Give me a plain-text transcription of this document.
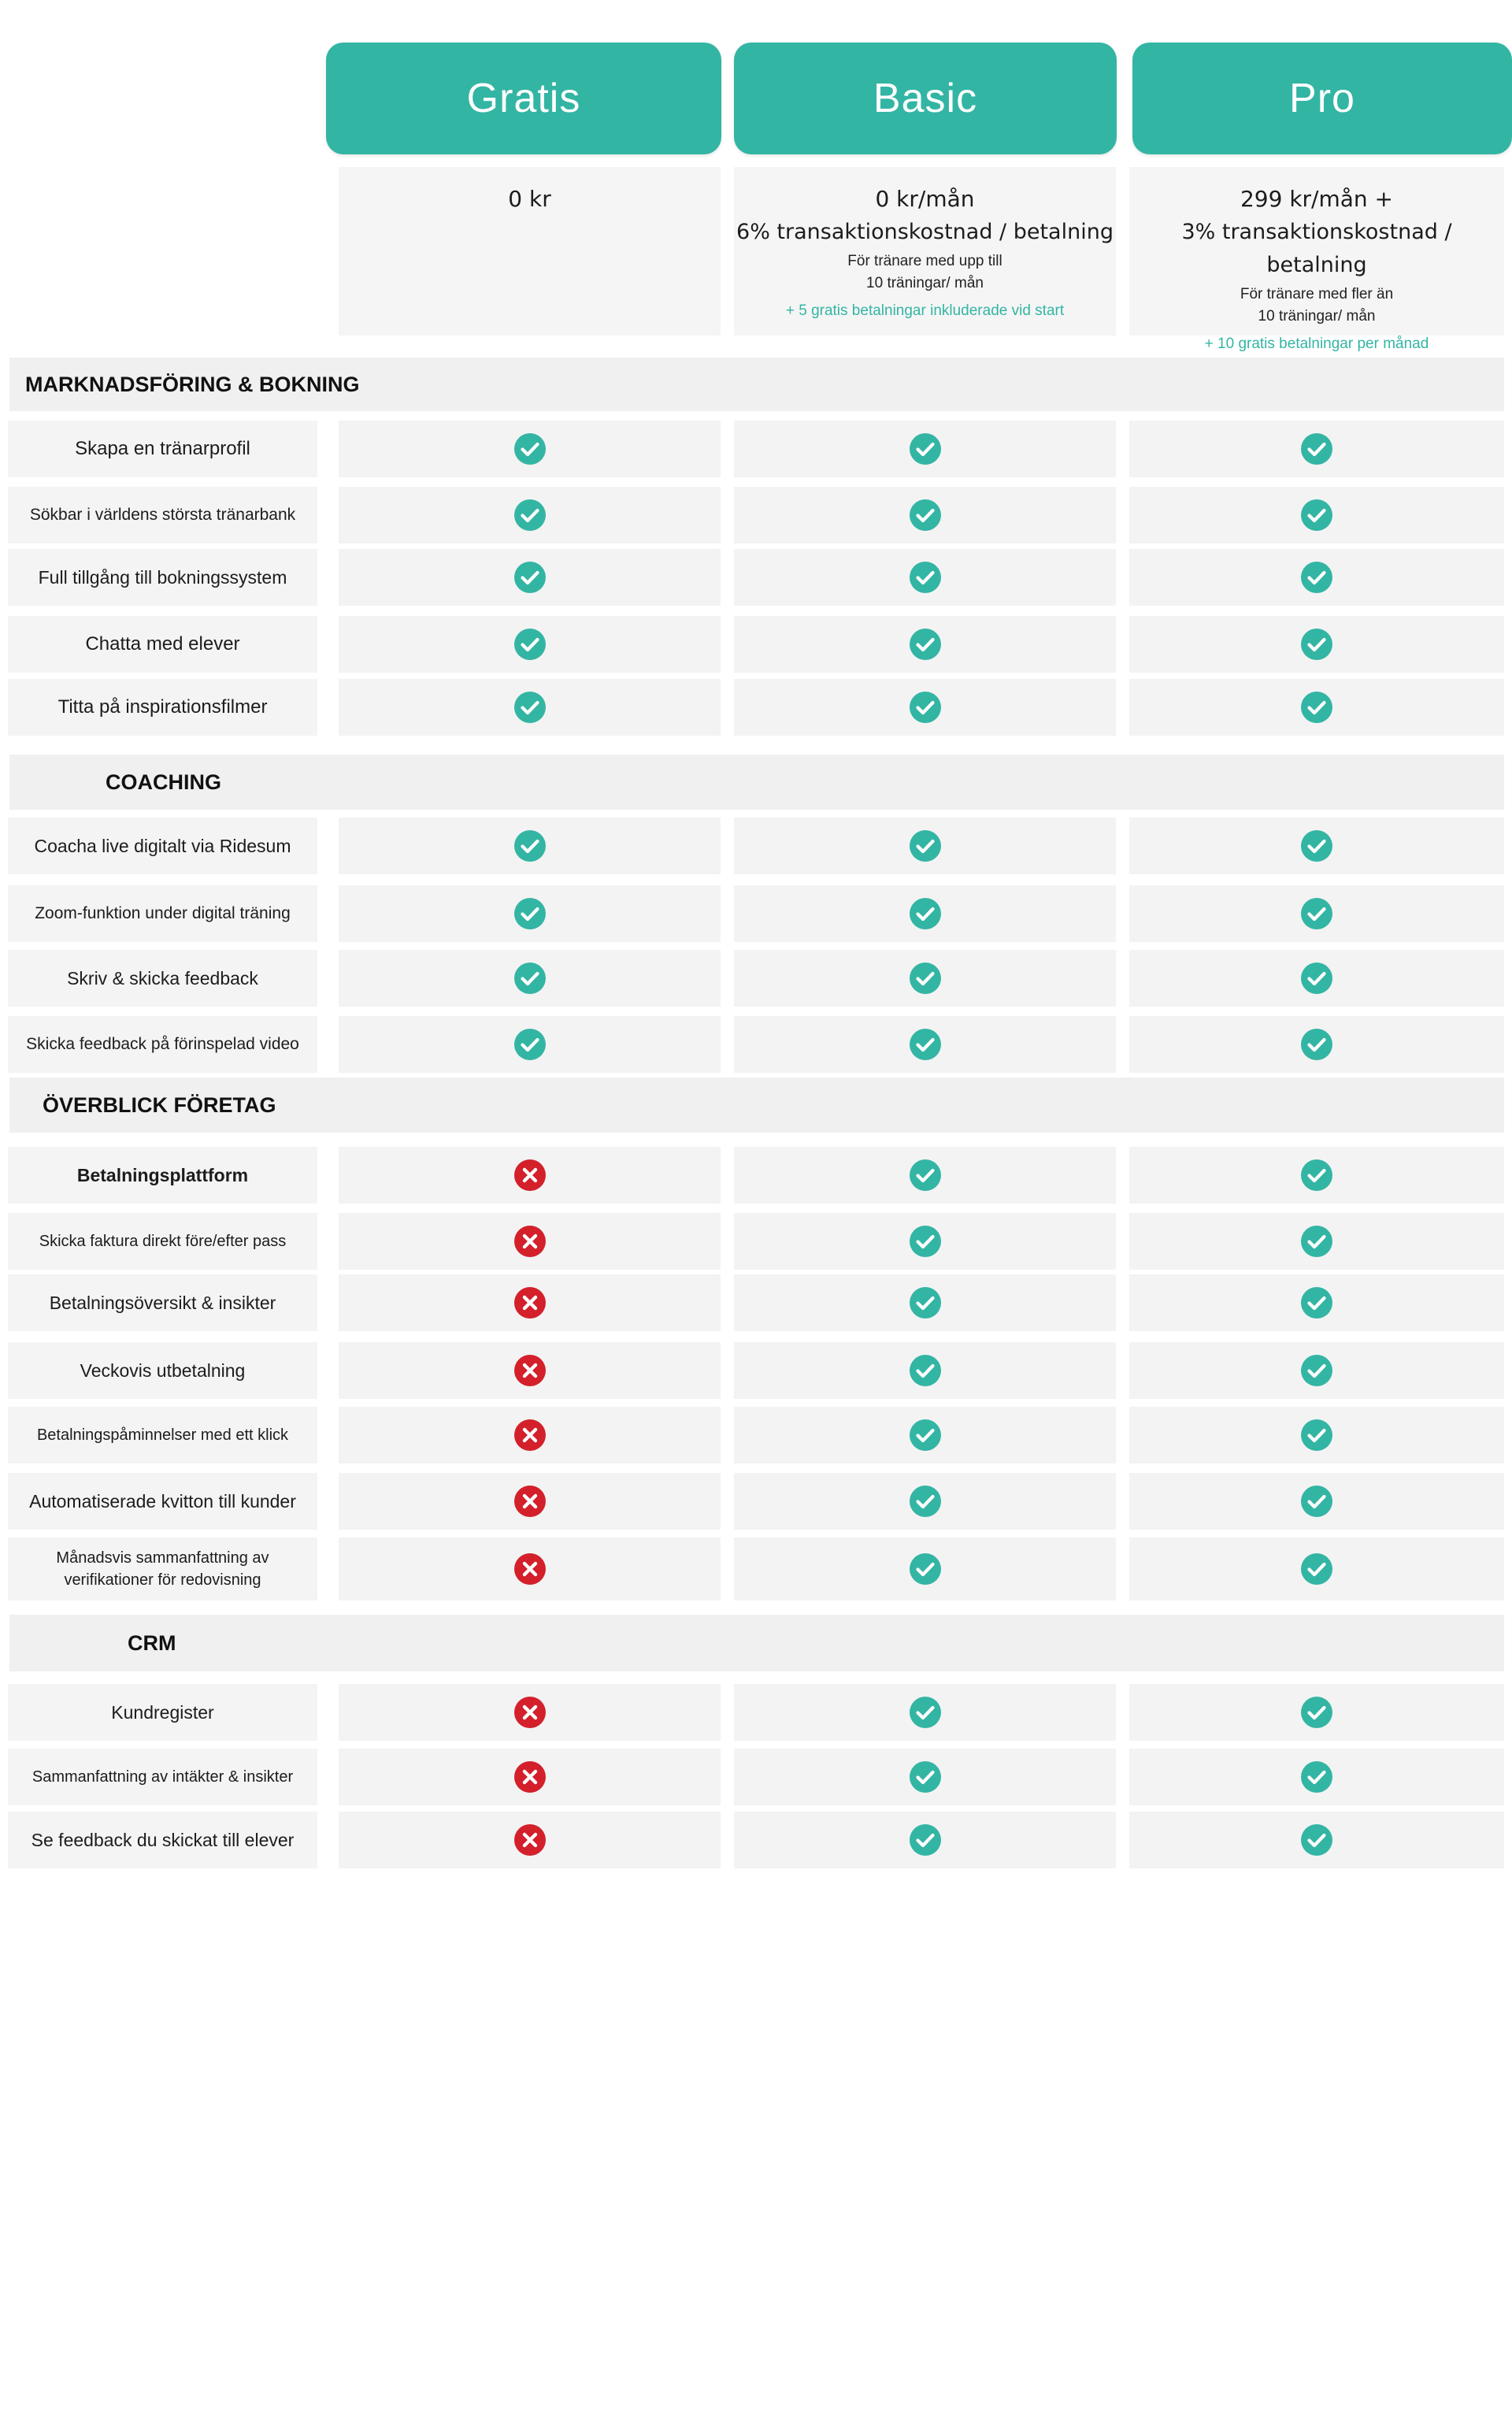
Gratis
0 kr
Basic
0 kr/mån
6% transaktionskostnad / betalning
För tränare med upp till
10 träningar/ mån
+ 5 gratis betalningar inkluderade vid start
Pro
299 kr/mån +
3% transaktionskostnad / betalning
För tränare med fler än
10 träningar/ mån
+ 10 gratis betalningar per månad
MARKNADSFÖRING & BOKNING
Skapa en tränarprofil
Sökbar i världens största tränarbank
Full tillgång till bokningssystem
Chatta med elever
Titta på inspirationsfilmer
COACHING
Coacha live digitalt via Ridesum
Zoom-funktion under digital träning
Skriv & skicka feedback
Skicka feedback på förinspelad video
ÖVERBLICK FÖRETAG
Betalningsplattform
Skicka faktura direkt före/efter pass
Betalningsöversikt & insikter
Veckovis utbetalning
Betalningspåminnelser med ett klick
Automatiserade kvitton till kunder
Månadsvis sammanfattning av verifikationer för redovisning
CRM
Kundregister
Sammanfattning av intäkter & insikter
Se feedback du skickat till elever
